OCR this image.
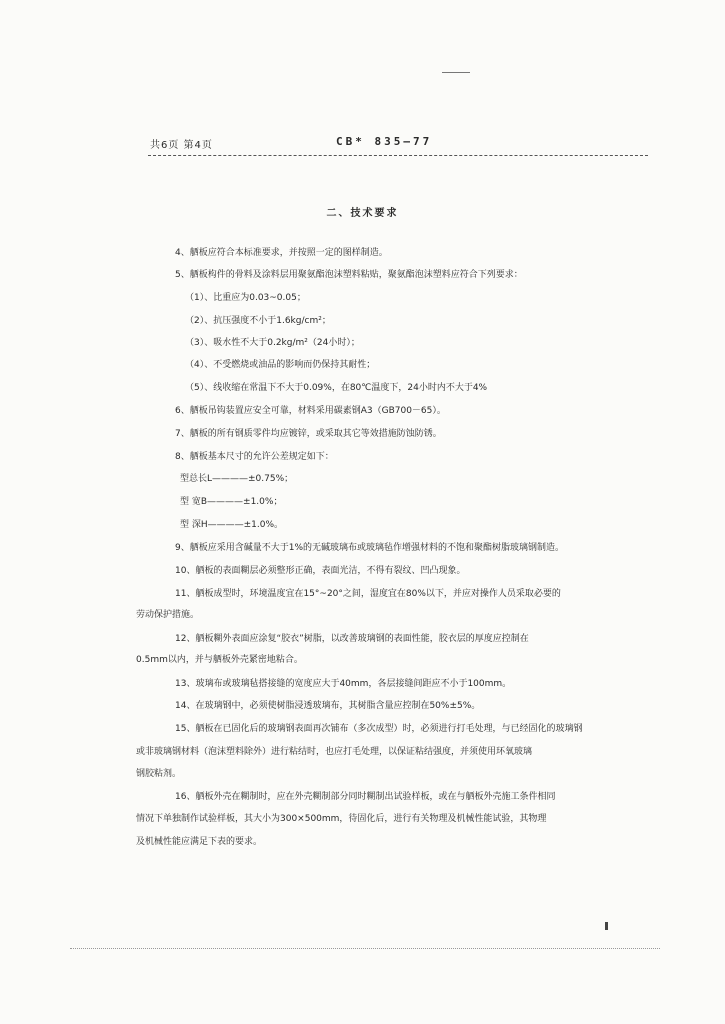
共6页 第4页	CB* 835—77
二、技术要求
4、舾板应符合本标准要求，并按照一定的图样制造。
5、舾板构件的骨料及涂料层用聚氨酯泡沫塑料粘贴，聚氨酯泡沫塑料应符合下列要求：
（1）、比重应为0.03~0.05；
（2）、抗压强度不小于1.6kg/cm²；
（3）、吸水性不大于0.2kg/m²（24小时）；
（4）、不受燃烧或油品的影响而仍保持其耐性；
（5）、线收缩在常温下不大于0.09%，在80℃温度下，24小时内不大于4%
6、舾板吊钩装置应安全可靠，材料采用碳素钢A3（GB700－65）。
7、舾板的所有钢质零件均应镀锌，或采取其它等效措施防蚀防锈。
8、舾板基本尺寸的允许公差规定如下：
型总长L————±0.75%；
型 宽B————±1.0%；
型 深H————±1.0%。
9、舾板应采用含碱量不大于1%的无碱玻璃布或玻璃毡作增强材料的不饱和聚酯树脂玻璃钢制造。
10、舾板的表面糊层必须整形正确，表面光洁，不得有裂纹、凹凸现象。
11、舾板成型时，环境温度宜在15°~20°之间，湿度宜在80%以下，并应对操作人员采取必要的
劳动保护措施。
12、舾板糊外表面应涂复“胶衣”树脂，以改善玻璃钢的表面性能，胶衣层的厚度应控制在
0.5mm以内，并与舾板外壳紧密地粘合。
13、玻璃布或玻璃毡搭接缝的宽度应大于40mm，各层接缝间距应不小于100mm。
14、在玻璃钢中，必须使树脂浸透玻璃布，其树脂含量应控制在50%±5%。
15、舾板在已固化后的玻璃钢表面再次铺布（多次成型）时，必须进行打毛处理，与已经固化的玻璃钢
或非玻璃钢材料（泡沫塑料除外）进行粘结时，也应打毛处理，以保证粘结强度，并须使用环氧玻璃
钢胶粘剂。
16、舾板外壳在糊制时，应在外壳糊制部分同时糊制出试验样板，或在与舾板外壳施工条件相同
情况下单独制作试验样板，其大小为300×500mm，待固化后，进行有关物理及机械性能试验，其物理
及机械性能应满足下表的要求。
